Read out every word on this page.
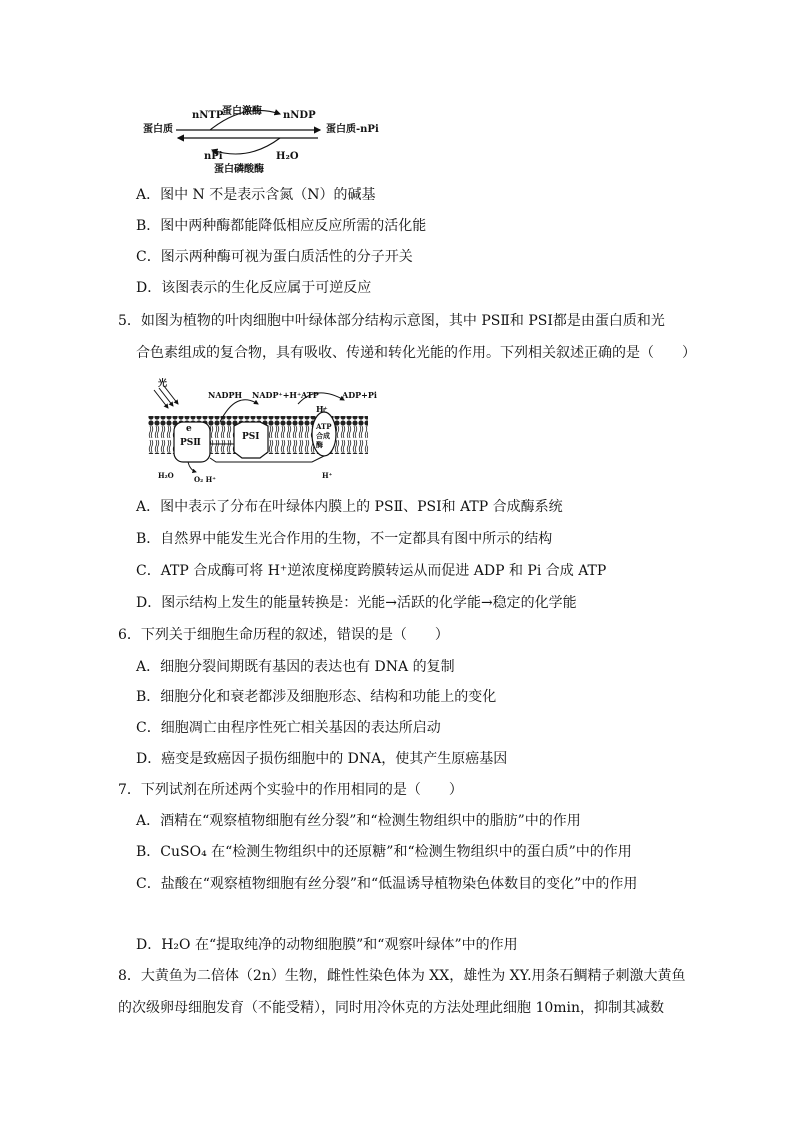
nNTP
蛋白激酶 nNDP
蛋白质	蛋白质-nPi
nPi	H₂O
蛋白磷酸酶
A．图中 N 不是表示含氮（N）的碱基
B．图中两种酶都能降低相应反应所需的活化能
C．图示两种酶可视为蛋白质活性的分子开关
D．该图表示的生化反应属于可逆反应
5．如图为植物的叶肉细胞中叶绿体部分结构示意图，其中 PSⅡ和 PSⅠ都是由蛋白质和光
合色素组成的复合物，具有吸收、传递和转化光能的作用。下列相关叙述正确的是（　　）
光
NADPH NADP⁺+H⁺ ATP	ADP+Pi
H⁺
e
PSⅡ
PSⅠ
ATP合成酶
H₂O	O₂ H⁺	H⁺
A．图中表示了分布在叶绿体内膜上的 PSⅡ、PSⅠ和 ATP 合成酶系统
B．自然界中能发生光合作用的生物，不一定都具有图中所示的结构
C．ATP 合成酶可将 H⁺逆浓度梯度跨膜转运从而促进 ADP 和 Pi 合成 ATP
D．图示结构上发生的能量转换是：光能→活跃的化学能→稳定的化学能
6．下列关于细胞生命历程的叙述，错误的是（　　）
A．细胞分裂间期既有基因的表达也有 DNA 的复制
B．细胞分化和衰老都涉及细胞形态、结构和功能上的变化
C．细胞凋亡由程序性死亡相关基因的表达所启动
D．癌变是致癌因子损伤细胞中的 DNA，使其产生原癌基因
7．下列试剂在所述两个实验中的作用相同的是（　　）
A．酒精在“观察植物细胞有丝分裂”和“检测生物组织中的脂肪”中的作用
B．CuSO₄ 在“检测生物组织中的还原糖”和“检测生物组织中的蛋白质”中的作用
C．盐酸在“观察植物细胞有丝分裂”和“低温诱导植物染色体数目的变化”中的作用
D．H₂O 在“提取纯净的动物细胞膜”和“观察叶绿体”中的作用
8．大黄鱼为二倍体（2n）生物，雌性性染色体为 XX，雄性为 XY.用条石鲷精子刺激大黄鱼
的次级卵母细胞发育（不能受精），同时用冷休克的方法处理此细胞 10min，抑制其减数
